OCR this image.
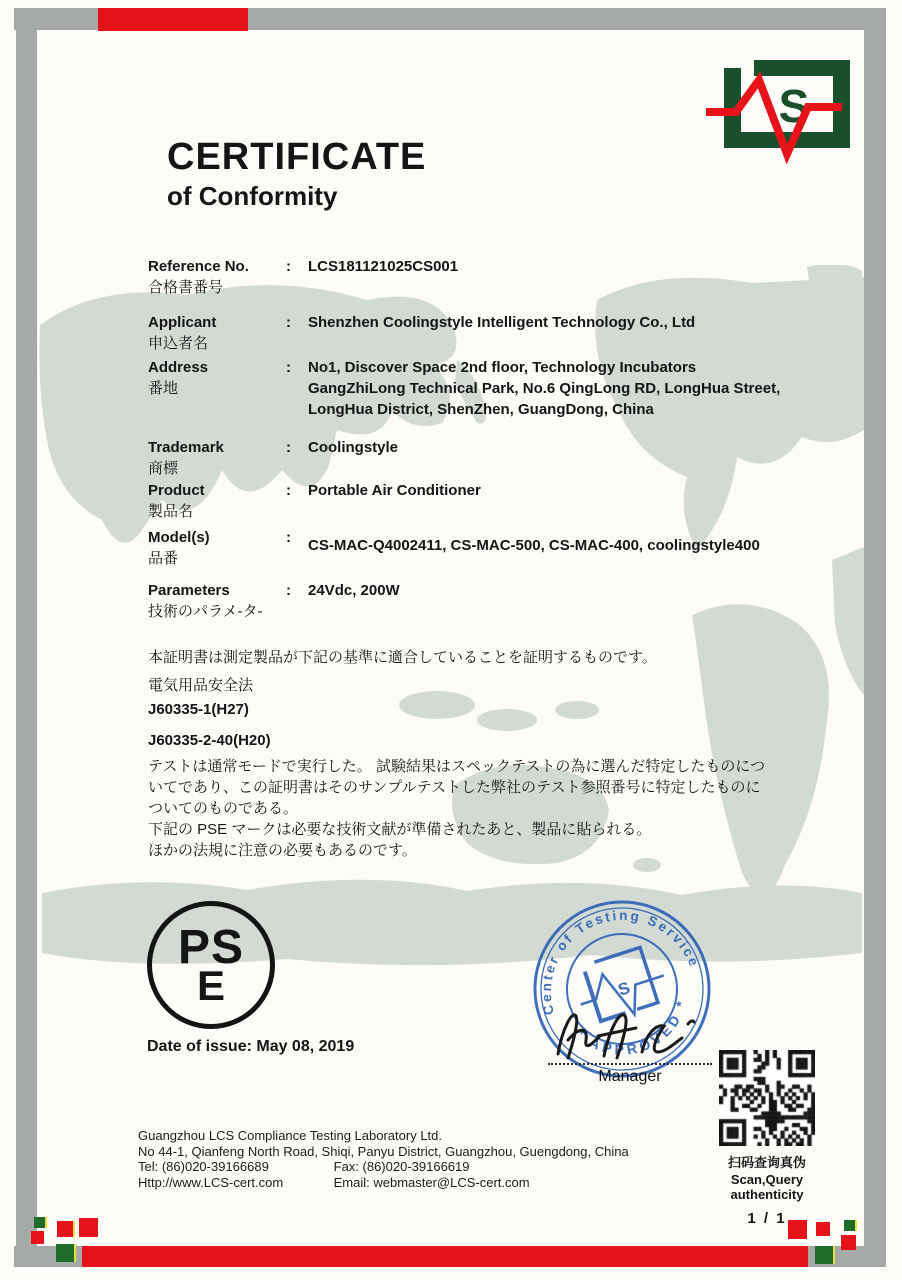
S
CERTIFICATE
of Conformity
Reference No.
合格書番号
:	LCS181121025CS001
Applicant
申込者名
:	Shenzhen Coolingstyle Intelligent Technology Co., Ltd
Address
番地
:	No1, Discover Space 2nd floor, Technology Incubators
GangZhiLong Technical Park, No.6 QingLong RD, LongHua Street,
LongHua District, ShenZhen, GuangDong, China
Trademark
商標
:	Coolingstyle
Product
製品名
:	Portable Air Conditioner
Model(s)
品番
:	CS-MAC-Q4002411, CS-MAC-500, CS-MAC-400, coolingstyle400
Parameters
技術のパラメ-タ-
:	24Vdc, 200W
本証明書は測定製品が下記の基準に適合していることを証明するものです。
電気用品安全法
J60335-1(H27)
J60335-2-40(H20)
テストは通常モードで実行した。 試験結果はスペックテストの為に選んだ特定したものにつ
いてであり、この証明書はそのサンプルテストした弊社のテスト参照番号に特定したものに
ついてのものである。
下記の PSE マークは必要な技術文献が準備されたあと、製品に貼られる。
ほかの法規に注意の必要もあるのです。
PS
E
Date of issue: May 08, 2019
Center of Testing Service
* APPROVED *
S
Manager
扫码查询真伪
Scan,Query authenticity
1 / 1
Guangzhou LCS Compliance Testing Laboratory Ltd.
No 44-1, Qianfeng North Road, Shiqi, Panyu District, Guangzhou, Guengdong, China
Tel: (86)020-39166689	Fax: (86)020-39166619
Http://www.LCS-cert.com	Email: webmaster@LCS-cert.com
